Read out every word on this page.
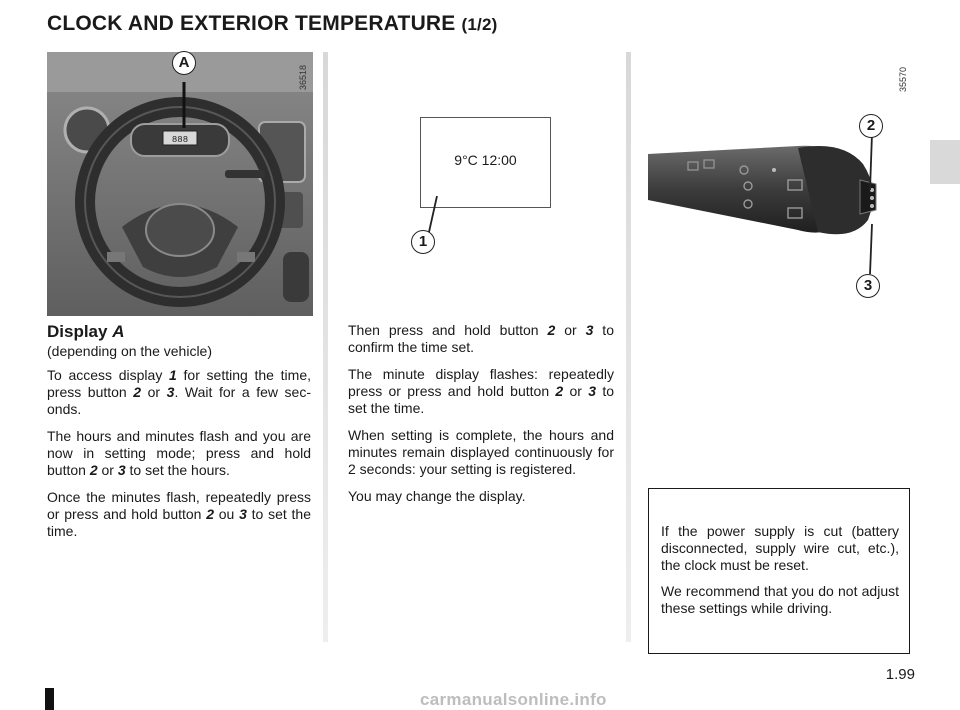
CLOCK AND EXTERIOR TEMPERATURE (1/2)
888
A
36518
9°C 12:00
1
35570
2
3
Display A
(depending on the vehicle)

To access display 1 for setting the time, press button 2 or 3. Wait for a few seconds.

The hours and minutes flash and you are now in setting mode; press and hold button 2 or 3 to set the hours.

Once the minutes flash, repeatedly press or press and hold button 2 ou 3 to set the time.

Then press and hold button 2 or 3 to confirm the time set.

The minute display flashes: repeatedly press or press and hold button 2 or 3 to set the time.

When setting is complete, the hours and minutes remain displayed continuously for 2 seconds: your setting is registered.

You may change the display.

If the power supply is cut (battery disconnected, supply wire cut, etc.), the clock must be reset.

We recommend that you do not adjust these settings while driving.

1.99
carmanualsonline.info
